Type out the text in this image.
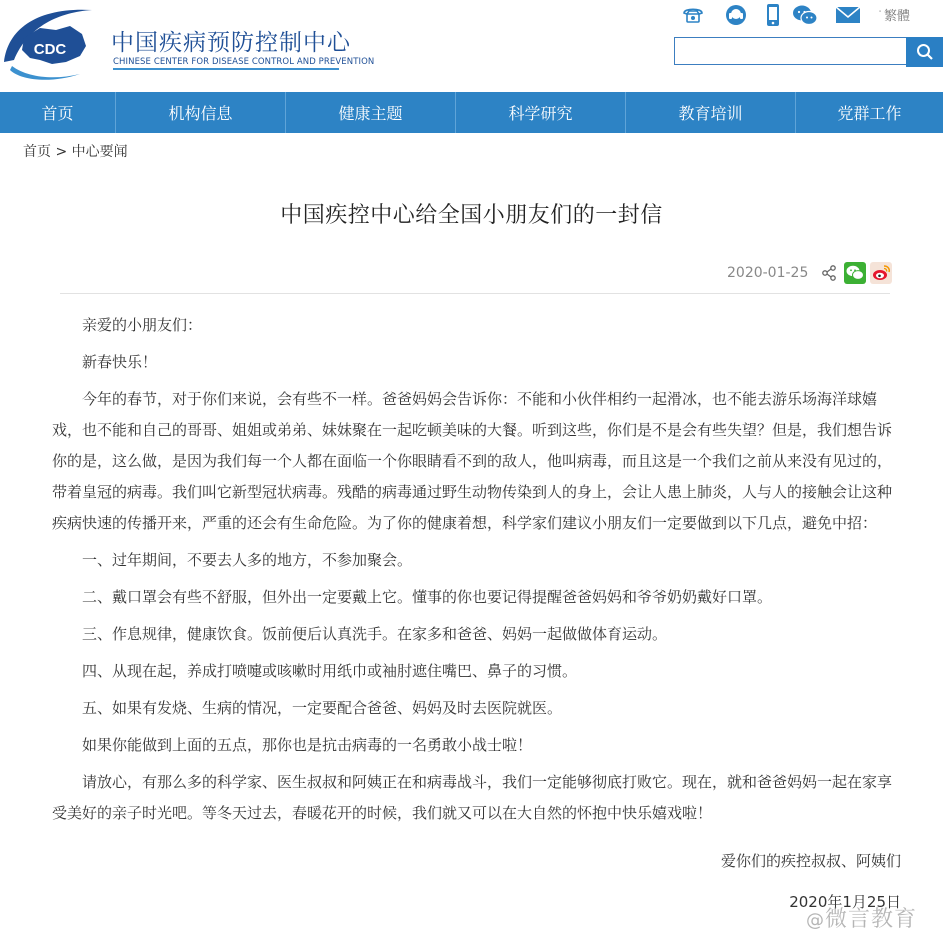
CDC 中国疾病预防控制中心
CHINESE CENTER FOR DISEASE CONTROL AND PREVENTION
· 繁體
首页	机构信息	健康主题	科学研究	教育培训	党群工作
首页 > 中心要闻
中国疾控中心给全国小朋友们的一封信
2020-01-25

亲爱的小朋友们：

新春快乐！

今年的春节，对于你们来说，会有些不一样。爸爸妈妈会告诉你：不能和小伙伴相约一起滑冰，也不能去游乐场海洋球嬉戏，也不能和自己的哥哥、姐姐或弟弟、妹妹聚在一起吃顿美味的大餐。听到这些，你们是不是会有些失望？但是，我们想告诉你的是，这么做，是因为我们每一个人都在面临一个你眼睛看不到的敌人，他叫病毒，而且这是一个我们之前从来没有见过的，带着皇冠的病毒。我们叫它新型冠状病毒。残酷的病毒通过野生动物传染到人的身上，会让人患上肺炎，人与人的接触会让这种疾病快速的传播开来，严重的还会有生命危险。为了你的健康着想，科学家们建议小朋友们一定要做到以下几点，避免中招：

一、过年期间，不要去人多的地方，不参加聚会。

二、戴口罩会有些不舒服，但外出一定要戴上它。懂事的你也要记得提醒爸爸妈妈和爷爷奶奶戴好口罩。

三、作息规律，健康饮食。饭前便后认真洗手。在家多和爸爸、妈妈一起做做体育运动。

四、从现在起，养成打喷嚏或咳嗽时用纸巾或袖肘遮住嘴巴、鼻子的习惯。

五、如果有发烧、生病的情况，一定要配合爸爸、妈妈及时去医院就医。

如果你能做到上面的五点，那你也是抗击病毒的一名勇敢小战士啦！

请放心，有那么多的科学家、医生叔叔和阿姨正在和病毒战斗，我们一定能够彻底打败它。现在，就和爸爸妈妈一起在家享受美好的亲子时光吧。等冬天过去，春暖花开的时候，我们就又可以在大自然的怀抱中快乐嬉戏啦！

爱你们的疾控叔叔、阿姨们
2020年1月25日
@微言教育
